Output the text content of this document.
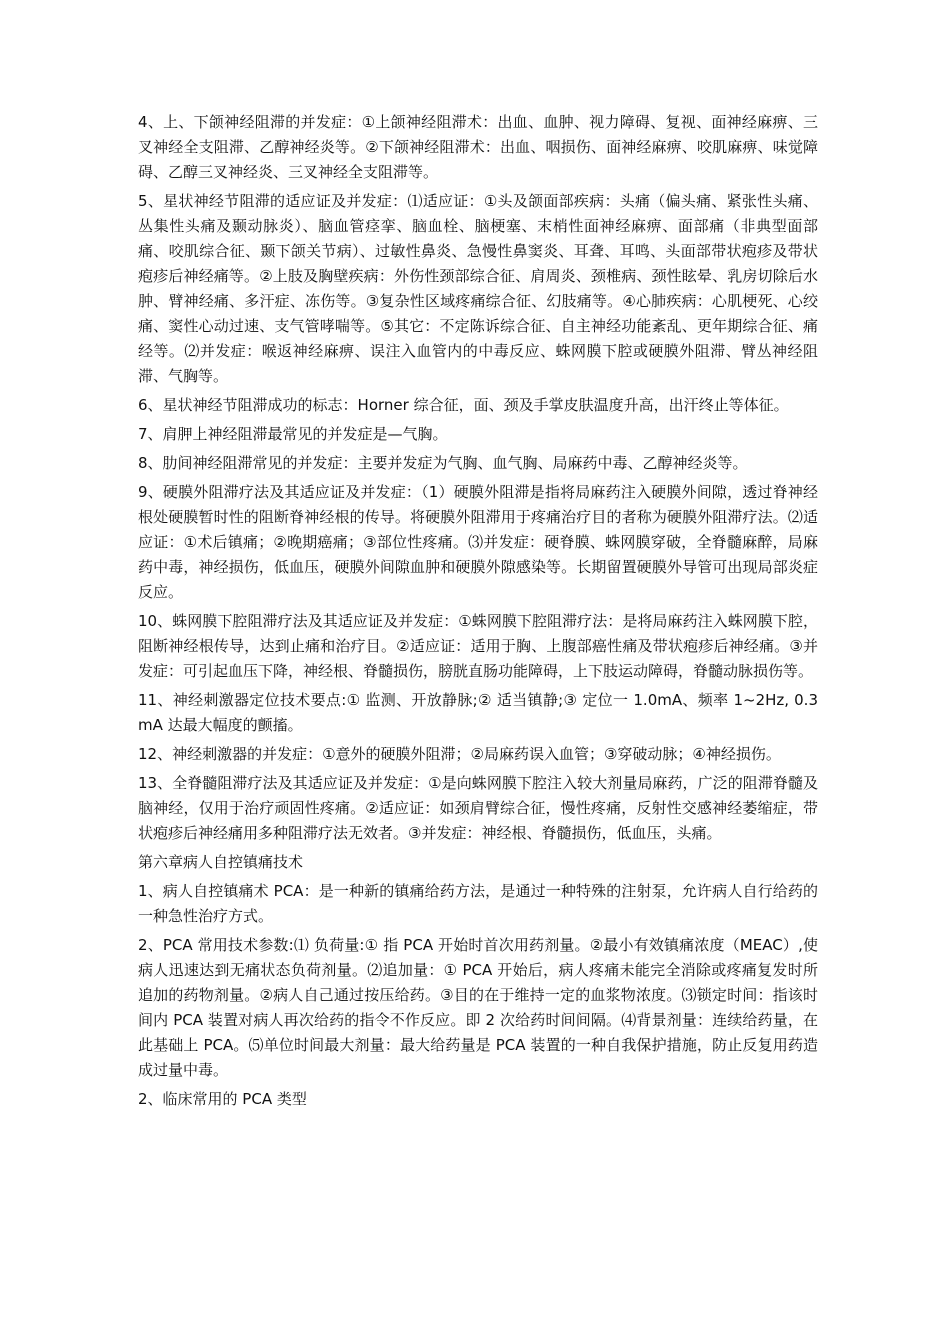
4、上、下颌神经阻滞的并发症：①上颌神经阻滞术：出血、血肿、视力障碍、复视、面神经麻痹、三叉神经全支阻滞、乙醇神经炎等。②下颌神经阻滞术：出血、咽损伤、面神经麻痹、咬肌麻痹、味觉障碍、乙醇三叉神经炎、三叉神经全支阻滞等。

5、星状神经节阻滞的适应证及并发症：⑴适应证：①头及颌面部疾病：头痛（偏头痛、紧张性头痛、丛集性头痛及颞动脉炎）、脑血管痉挛、脑血栓、脑梗塞、末梢性面神经麻痹、面部痛（非典型面部痛、咬肌综合征、颞下颌关节病）、过敏性鼻炎、急慢性鼻窦炎、耳聋、耳鸣、头面部带状疱疹及带状疱疹后神经痛等。②上肢及胸壁疾病：外伤性颈部综合征、肩周炎、颈椎病、颈性眩晕、乳房切除后水肿、臂神经痛、多汗症、冻伤等。③复杂性区域疼痛综合征、幻肢痛等。④心肺疾病：心肌梗死、心绞痛、窦性心动过速、支气管哮喘等。⑤其它：不定陈诉综合征、自主神经功能紊乱、更年期综合征、痛经等。⑵并发症：喉返神经麻痹、误注入血管内的中毒反应、蛛网膜下腔或硬膜外阻滞、臂丛神经阻滞、气胸等。

6、星状神经节阻滞成功的标志：Horner 综合征，面、颈及手掌皮肤温度升高，出汗终止等体征。

7、肩胛上神经阻滞最常见的并发症是—气胸。

8、肋间神经阻滞常见的并发症：主要并发症为气胸、血气胸、局麻药中毒、乙醇神经炎等。

9、硬膜外阻滞疗法及其适应证及并发症：（1）硬膜外阻滞是指将局麻药注入硬膜外间隙，透过脊神经根处硬膜暂时性的阻断脊神经根的传导。将硬膜外阻滞用于疼痛治疗目的者称为硬膜外阻滞疗法。⑵适应证：①术后镇痛；②晚期癌痛；③部位性疼痛。⑶并发症：硬脊膜、蛛网膜穿破，全脊髓麻醉，局麻药中毒，神经损伤，低血压，硬膜外间隙血肿和硬膜外隙感染等。长期留置硬膜外导管可出现局部炎症反应。

10、蛛网膜下腔阻滞疗法及其适应证及并发症：①蛛网膜下腔阻滞疗法：是将局麻药注入蛛网膜下腔，阻断神经根传导，达到止痛和治疗目。②适应证：适用于胸、上腹部癌性痛及带状疱疹后神经痛。③并发症：可引起血压下降，神经根、脊髓损伤，膀胱直肠功能障碍，上下肢运动障碍，脊髓动脉损伤等。

11、神经刺激器定位技术要点:① 监测、开放静脉;② 适当镇静;③ 定位一 1.0mA、频率 1~2Hz, 0.3mA 达最大幅度的颤搐。

12、神经刺激器的并发症：①意外的硬膜外阻滞；②局麻药误入血管；③穿破动脉；④神经损伤。

13、全脊髓阻滞疗法及其适应证及并发症：①是向蛛网膜下腔注入较大剂量局麻药，广泛的阻滞脊髓及脑神经，仅用于治疗顽固性疼痛。②适应证：如颈肩臂综合征，慢性疼痛，反射性交感神经萎缩症，带状疱疹后神经痛用多种阻滞疗法无效者。③并发症：神经根、脊髓损伤，低血压，头痛。

第六章病人自控镇痛技术

1、病人自控镇痛术 PCA：是一种新的镇痛给药方法，是通过一种特殊的注射泵，允许病人自行给药的一种急性治疗方式。

2、PCA 常用技术参数:⑴ 负荷量:① 指 PCA 开始时首次用药剂量。②最小有效镇痛浓度（MEAC）,使病人迅速达到无痛状态负荷剂量。⑵追加量：① PCA 开始后，病人疼痛未能完全消除或疼痛复发时所追加的药物剂量。②病人自己通过按压给药。③目的在于维持一定的血浆物浓度。⑶锁定时间：指该时间内 PCA 装置对病人再次给药的指令不作反应。即 2 次给药时间间隔。⑷背景剂量：连续给药量，在此基础上 PCA。⑸单位时间最大剂量：最大给药量是 PCA 装置的一种自我保护措施，防止反复用药造成过量中毒。

2、临床常用的 PCA 类型
